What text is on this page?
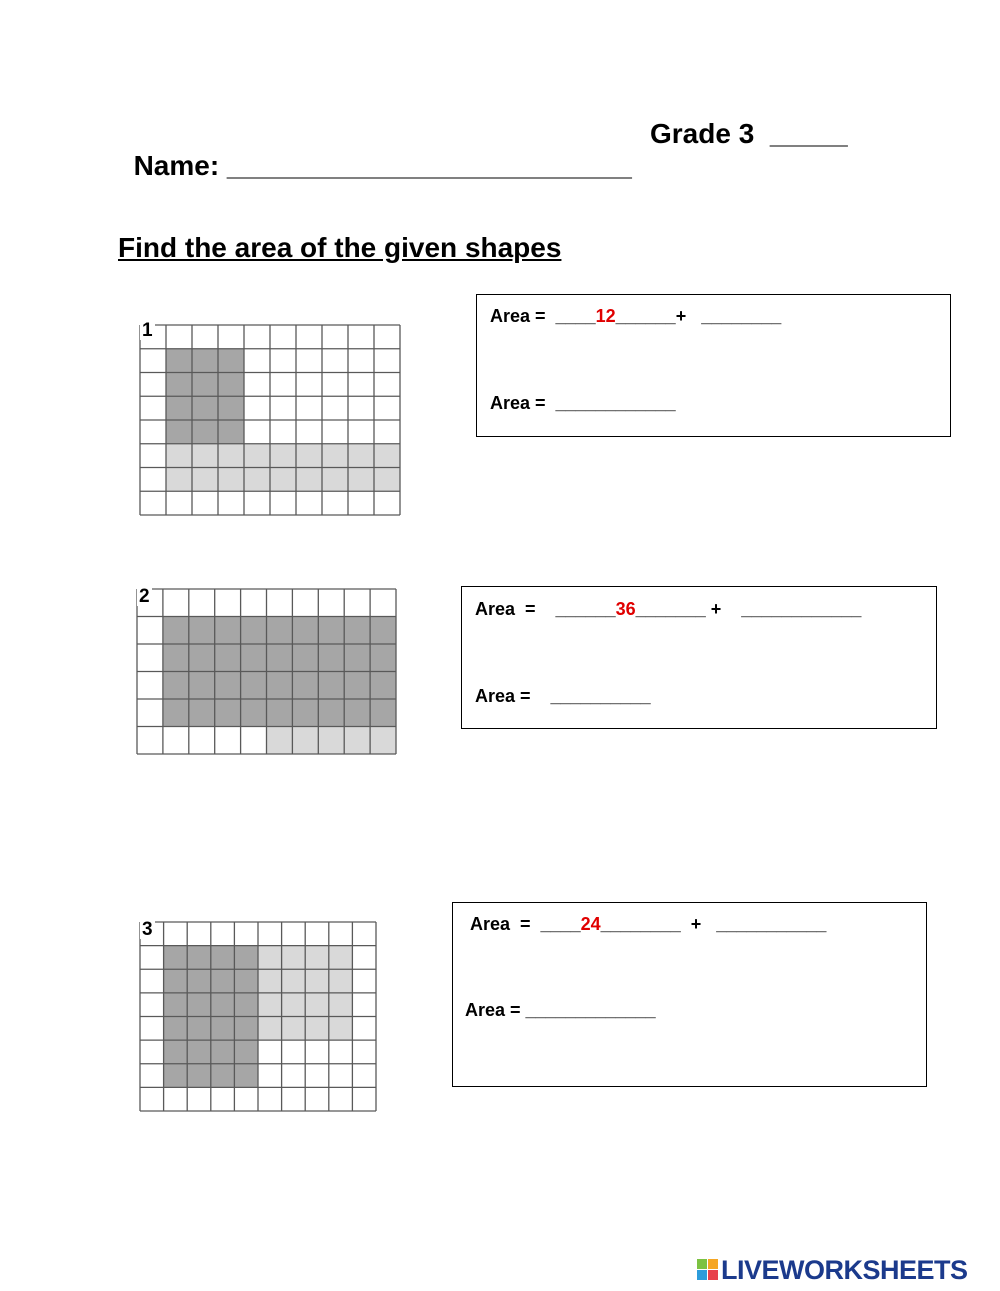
Name: __________________________

Grade 3  _____

Find the area of the given shapes
1
Area =  ____12______+   ________
Area =  ____________
2
Area  =    ______36_______ +    ____________
Area =    __________
3	Area  =  ____24________  +   ___________
Area = _____________
LIVEWORKSHEETS
